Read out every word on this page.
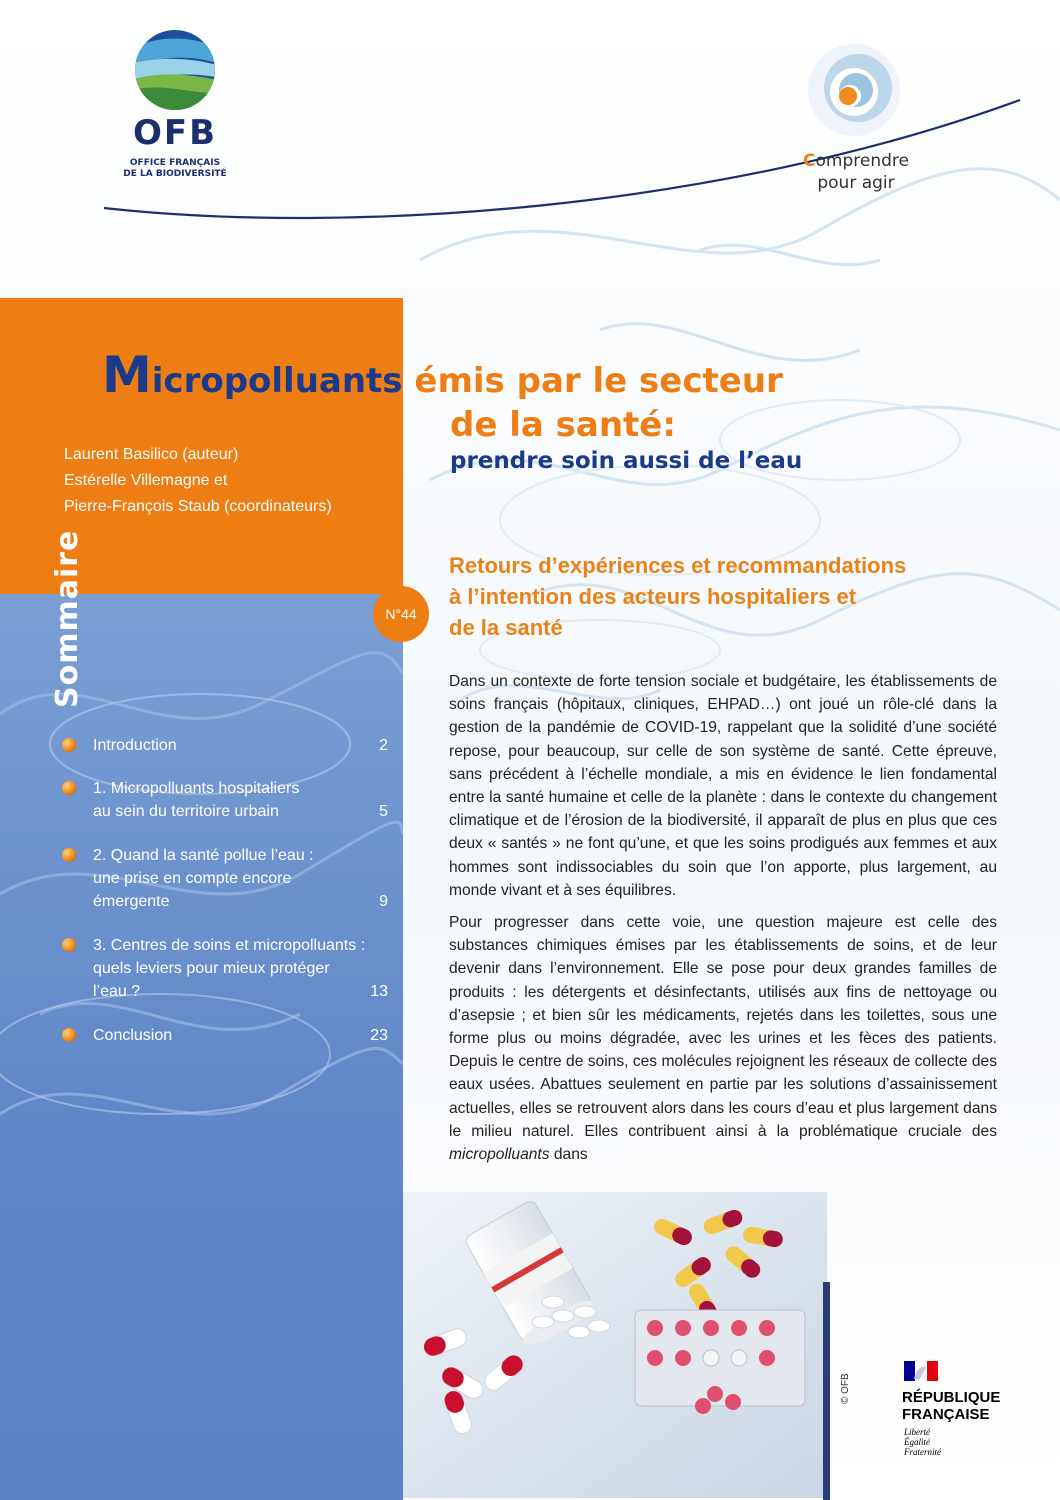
OFB
OFFICE FRANÇAIS
DE LA BIODIVERSITÉ
Comprendre
pour agir
Laurent Basilico (auteur)
Estérelle Villemagne et
Pierre-François Staub (coordinateurs)
Sommaire	N°44
Introduction	2
1. Micropolluants hospitaliers
au sein du territoire urbain	5
2. Quand la santé pollue l’eau :
une prise en compte encore
émergente	9
3. Centres de soins et micropolluants :
quels leviers pour mieux protéger
l’eau ?	13
Conclusion	23
Micropolluants émis par le secteur
de la santé:
prendre soin aussi de l’eau
Retours d’expériences et recommandations
à l’intention des acteurs hospitaliers et
de la santé

Dans un contexte de forte tension sociale et budgétaire, les établissements de soins français (hôpitaux, cliniques, EHPAD…) ont joué un rôle-clé dans la gestion de la pandémie de COVID-19, rappelant que la solidité d’une société repose, pour beaucoup, sur celle de son système de santé. Cette épreuve, sans précédent à l’échelle mondiale, a mis en évidence le lien fondamental entre la santé humaine et celle de la planète : dans le contexte du changement climatique et de l’érosion de la biodiversité, il apparaît de plus en plus que ces deux « santés » ne font qu’une, et que les soins prodigués aux femmes et aux hommes sont indissociables du soin que l’on apporte, plus largement, au monde vivant et à ses équilibres.

Pour progresser dans cette voie, une question majeure est celle des substances chimiques émises par les établissements de soins, et de leur devenir dans l’environnement. Elle se pose pour deux grandes familles de produits : les détergents et désinfectants, utilisés aux fins de nettoyage ou d’asepsie ; et bien sûr les médicaments, rejetés dans les toilettes, sous une forme plus ou moins dégradée, avec les urines et les fèces des patients. Depuis le centre de soins, ces molécules rejoignent les réseaux de collecte des eaux usées. Abattues seulement en partie par les solutions d’assainissement actuelles, elles se retrouvent alors dans les cours d’eau et plus largement dans le milieu naturel. Elles contribuent ainsi à la problématique cruciale des micropolluants dans

© OFB	RÉPUBLIQUE
FRANÇAISE
Liberté
Égalité
Fraternité
